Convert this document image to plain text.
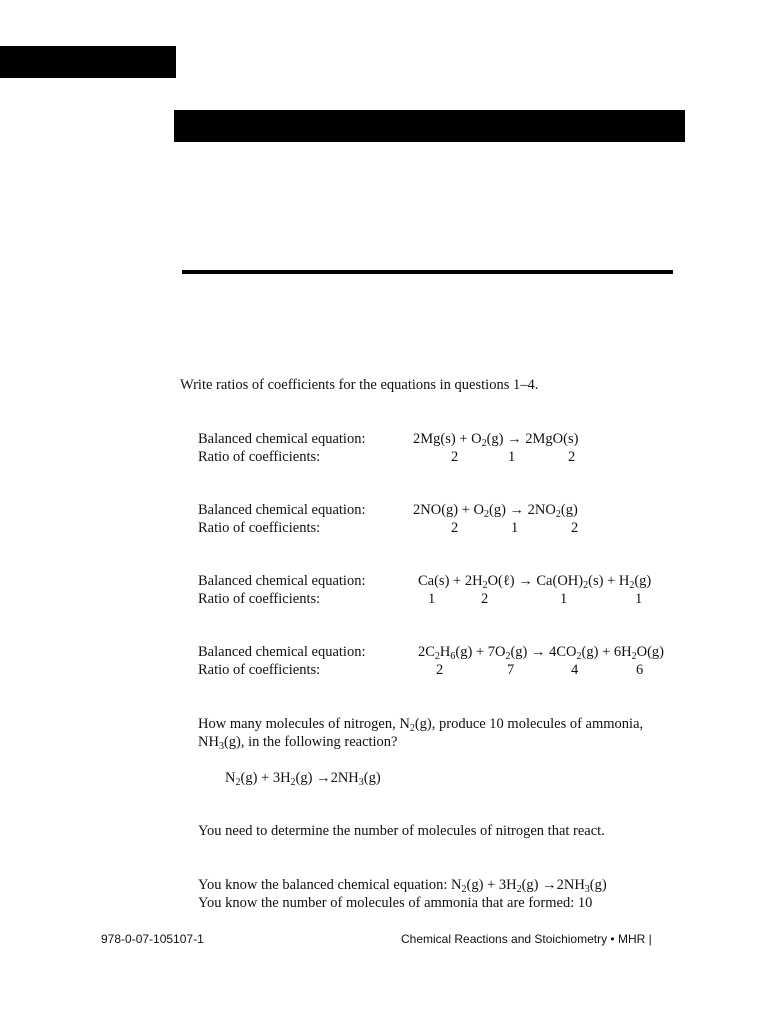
Write ratios of coefficients for the equations in questions 1–4.
Balanced chemical equation:	$2Mg(s) + O_2(g) \to 2MgO(s)$
Ratio of coefficients:	2	1	2
Balanced chemical equation:	$2NO(g) + O_2(g) \to 2NO_2(g)$
Ratio of coefficients:	2	1	2
Balanced chemical equation:	$Ca(s) + 2H_2O(\ell) \to Ca(OH)_2(s) + H_2(g)$
Ratio of coefficients:	1	2	1	1
Balanced chemical equation:	$2C_2H_6(g) + 7O_2(g) \to 4CO_2(g) + 6H_2O(g)$
Ratio of coefficients:	2	7	4	6
How many molecules of nitrogen, $N_2(g)$, produce 10 molecules of ammonia,
$NH_3(g)$, in the following reaction?
$N_2(g) + 3H_2(g) \to 2NH_3(g)$
You need to determine the number of molecules of nitrogen that react.
You know the balanced chemical equation: $N_2(g) + 3H_2(g) \to 2NH_3(g)$
You know the number of molecules of ammonia that are formed: 10
978-0-07-105107-1	Chemical Reactions and Stoichiometry • MHR |
